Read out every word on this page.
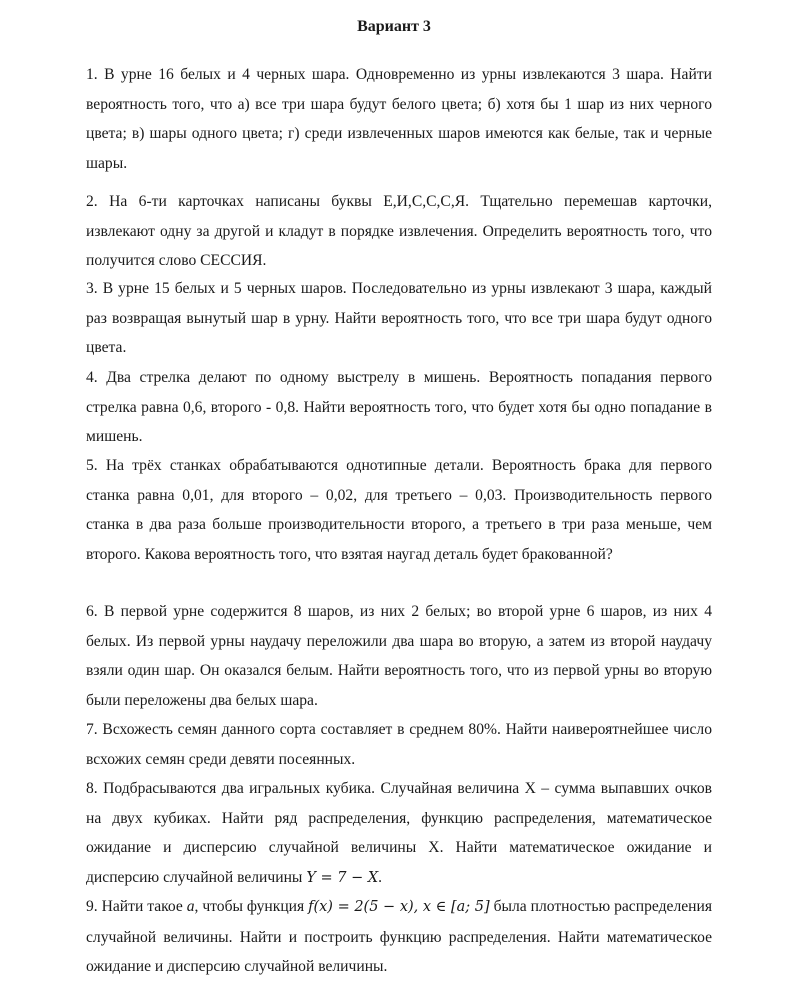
Вариант 3

1. В урне 16 белых и 4 черных шара. Одновременно из урны извлекаются 3 шара. Найти вероятность того, что а) все три шара будут белого цвета; б) хотя бы 1 шар из них черного цвета; в) шары одного цвета; г) среди извлеченных шаров имеются как белые, так и черные шары.

2. На 6-ти карточках написаны буквы Е,И,С,С,С,Я. Тщательно перемешав карточки, извлекают одну за другой и кладут в порядке извлечения. Определить вероятность того, что получится слово СЕССИЯ.

3. В урне 15 белых и 5 черных шаров. Последовательно из урны извлекают 3 шара, каждый раз возвращая вынутый шар в урну. Найти вероятность того, что все три шара будут одного цвета.

4. Два стрелка делают по одному выстрелу в мишень. Вероятность попадания первого стрелка равна 0,6, второго - 0,8. Найти вероятность того, что будет хотя бы одно попадание в мишень.

5. На трёх станках обрабатываются однотипные детали. Вероятность брака для первого станка равна 0,01, для второго – 0,02, для третьего – 0,03. Производительность первого станка в два раза больше производительности второго, а третьего в три раза меньше, чем второго. Какова вероятность того, что взятая наугад деталь будет бракованной?

6. В первой урне содержится 8 шаров, из них 2 белых; во второй урне 6 шаров, из них 4 белых. Из первой урны наудачу переложили два шара во вторую, а затем из второй наудачу взяли один шар. Он оказался белым. Найти вероятность того, что из первой урны во вторую были переложены два белых шара.

7. Всхожесть семян данного сорта составляет в среднем 80%. Найти наивероятнейшее число всхожих семян среди девяти посеянных.

8. Подбрасываются два игральных кубика. Случайная величина Х – сумма выпавших очков на двух кубиках. Найти ряд распределения, функцию распределения, математическое ожидание и дисперсию случайной величины Х. Найти математическое ожидание и дисперсию случайной величины Y = 7 − X.

9. Найти такое a, чтобы функция f(x) = 2(5 − x), x ∈ [a; 5] была плотностью распределения случайной величины. Найти и построить функцию распределения. Найти математическое ожидание и дисперсию случайной величины.
